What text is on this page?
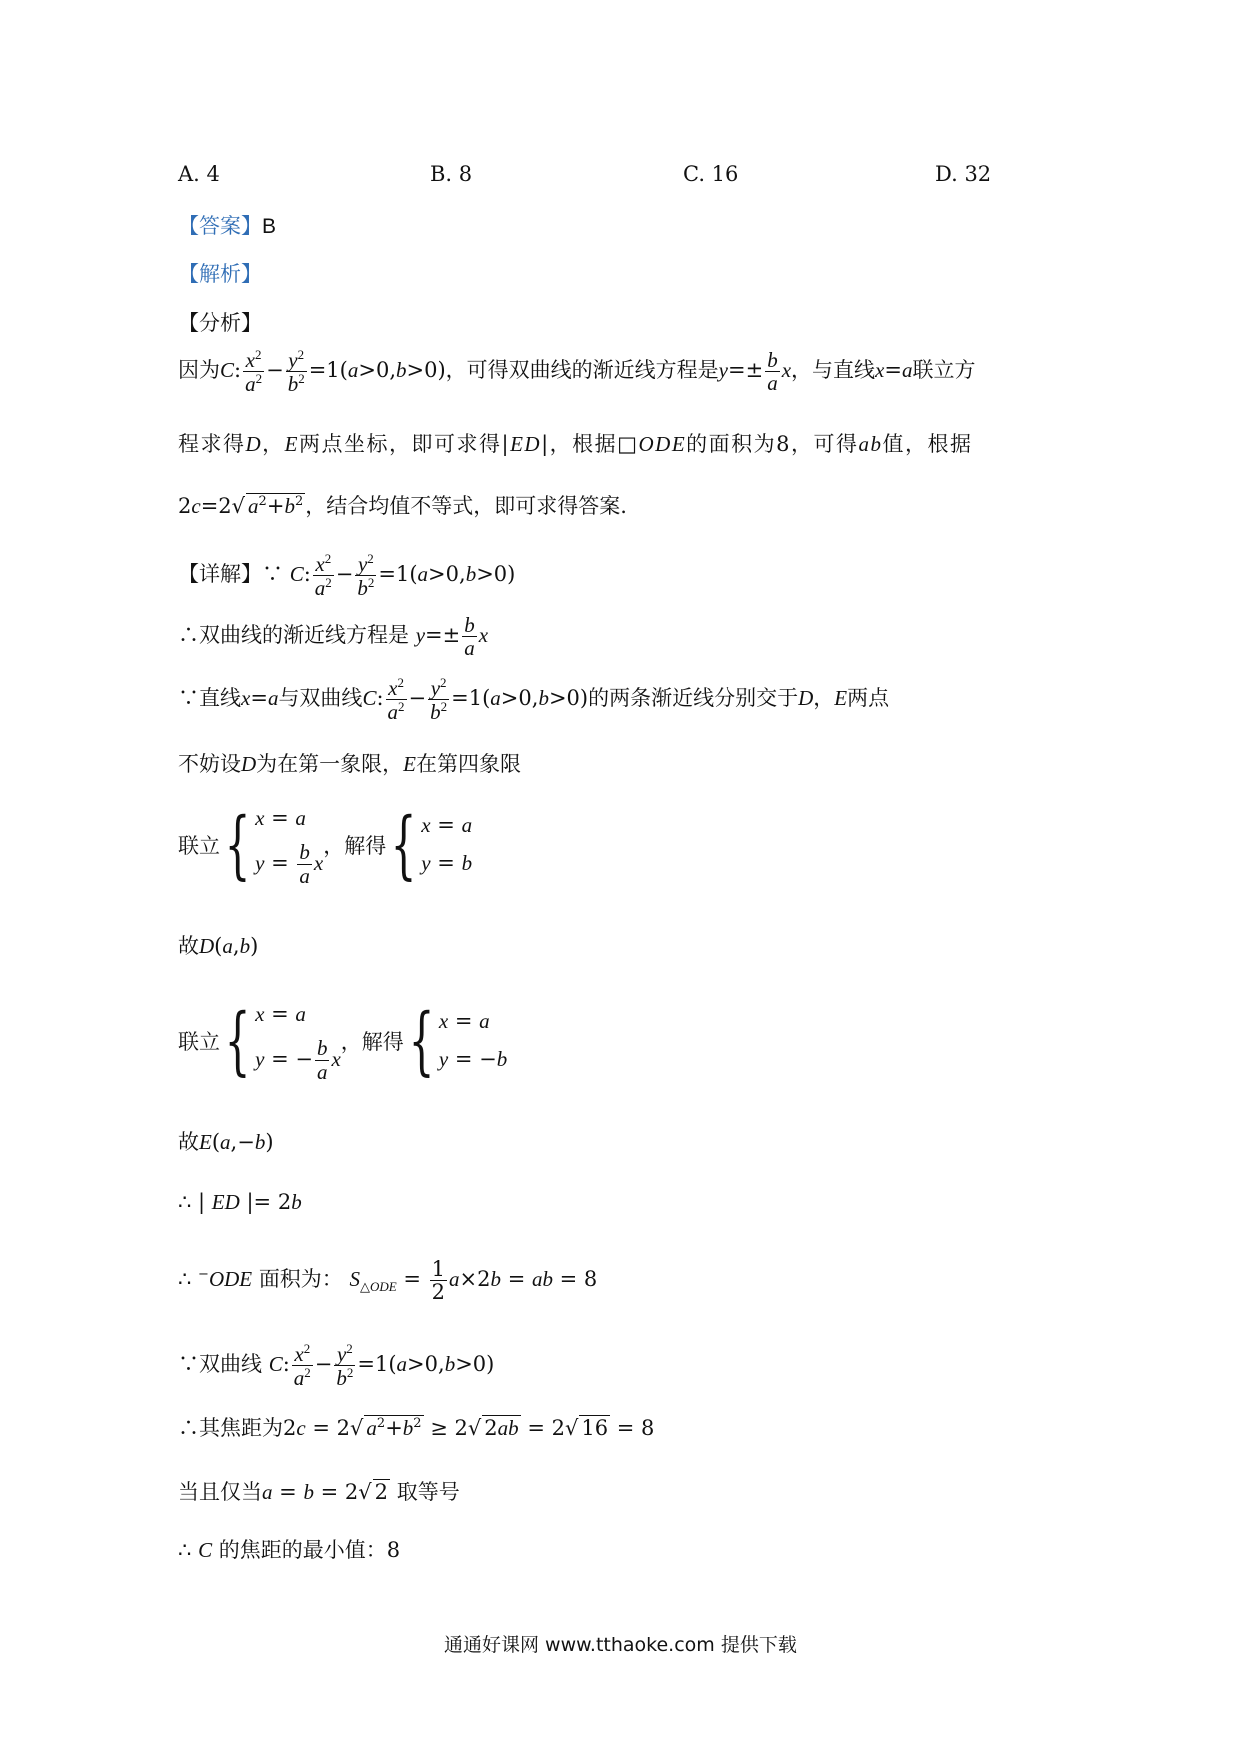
A. 4	B. 8	C. 16	D. 32
【答案】B
【解析】
【分析】
因为C: $\frac{x^2}{a^2} - \frac{y^2}{b^2} =1(a>0,b>0)$，可得双曲线的渐近线方程是$y=\pm \frac{b}{a}$ x，与直线x=a联立方
程求得D，E两点坐标，即可求得|ED|，根据□ODE的面积为8，可得ab值，根据
2c=2√ $a^2+b^2$，结合均值不等式，即可求得答案.
【详解】∵ C: $\frac{x^2}{a^2} - \frac{y^2}{b^2} =1(a>0,b>0)$
∴双曲线的渐近线方程是 $y=\pm \frac{b}{a}$ x
∵直线x=a与双曲线C: $\frac{x^2}{a^2} - \frac{y^2}{b^2} =1(a>0,b>0)$的两条渐近线分别交于D，E两点
不妨设D为在第一象限，E在第四象限
联立{ x = a
$y = \frac{b}{a}$ x
，解得{ x = a
y = b
故D(a,b)
联立{ x = a
y = − $\frac{b}{a}$ x
，解得{ x = a
y = − b
故E(a,−b)
∴ | ED |= 2b
∴ −ODE 面积为： $S_{\triangle ODE} = \frac{1}{2} a\times 2b$ = ab = 8
∵双曲线 C: $\frac{x^2}{a^2} - \frac{y^2}{b^2} =1(a>0,b>0)$
∴其焦距为2c = 2√ $a^2+b^2 \ge 2√$ 2ab = 2√ 16 = 8
当且仅当a = b = 2√ 2 取等号
∴ C 的焦距的最小值：8
通通好课网 www.tthaoke.com 提供下载
